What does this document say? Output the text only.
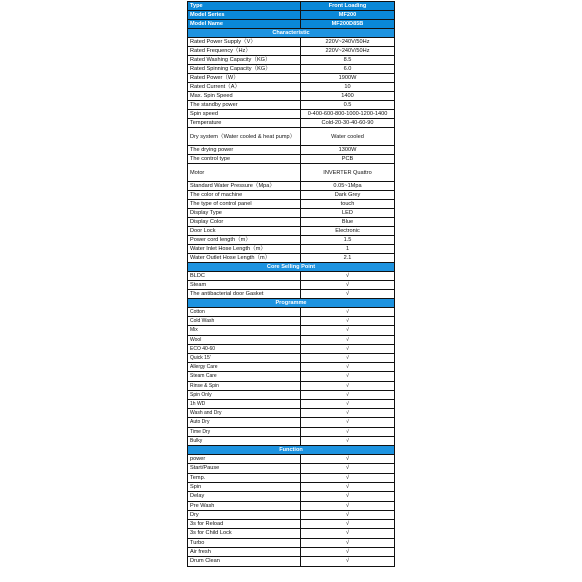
Type	Front Loading
Model Series	MF200
Model Name	MF200D85B
Characteristic	
Rated Power Supply（V）	220V~240V/50Hz
Rated Frequency（Hz）	220V~240V/50Hz
Rated Washing Capacity（KG）	8.5
Rated Spinning Capacity（KG）	6.0
Rated Power（W）	1900W
Rated Current（A）	10
Max. Spin Speed	1400
The standby power	0.5
Spin speed	0-400-600-800-1000-1200-1400
Temperature	Cold-20-30-40-60-90
Dry system（Water cooled & heat pump）	Water cooled
The drying power	1300W
The control type	PCB
Motor	INVERTER Quattro
Standard Water Pressure（Mpa）	0.05~1Mpa
The color of machine	Dark Grey
The type of control panel	touch
Display Type	LED
Display Color	Blue
Door Lock	Electronic
Power cord length（m）	1.5
Water Inlet Hose Length（m）	1
Water Outlet Hose Length（m）	2.1
Core Selling Point	
BLDC	√
Steam	√
The antibacterial door Gasket	√
Programme	
Cotton	√
Cold Wash	√
Mix	√
Wool	√
ECO 40-60	√
Quick 15'	√
Allergy Care	√
Steam Care	√
Rinse & Spin	√
Spin Only	√
1h WD	√
Wash and Dry	√
Auto Dry	√
Time Dry	√
Bulky	√
Function	
power	√
Start/Pause	√
Temp.	√
Spin	√
Delay	√
Pre Wash	√
Dry	√
3s for Reload	√
3s for Child Lock	√
Turbo	√
Air fresh	√
Drum Clean	√
